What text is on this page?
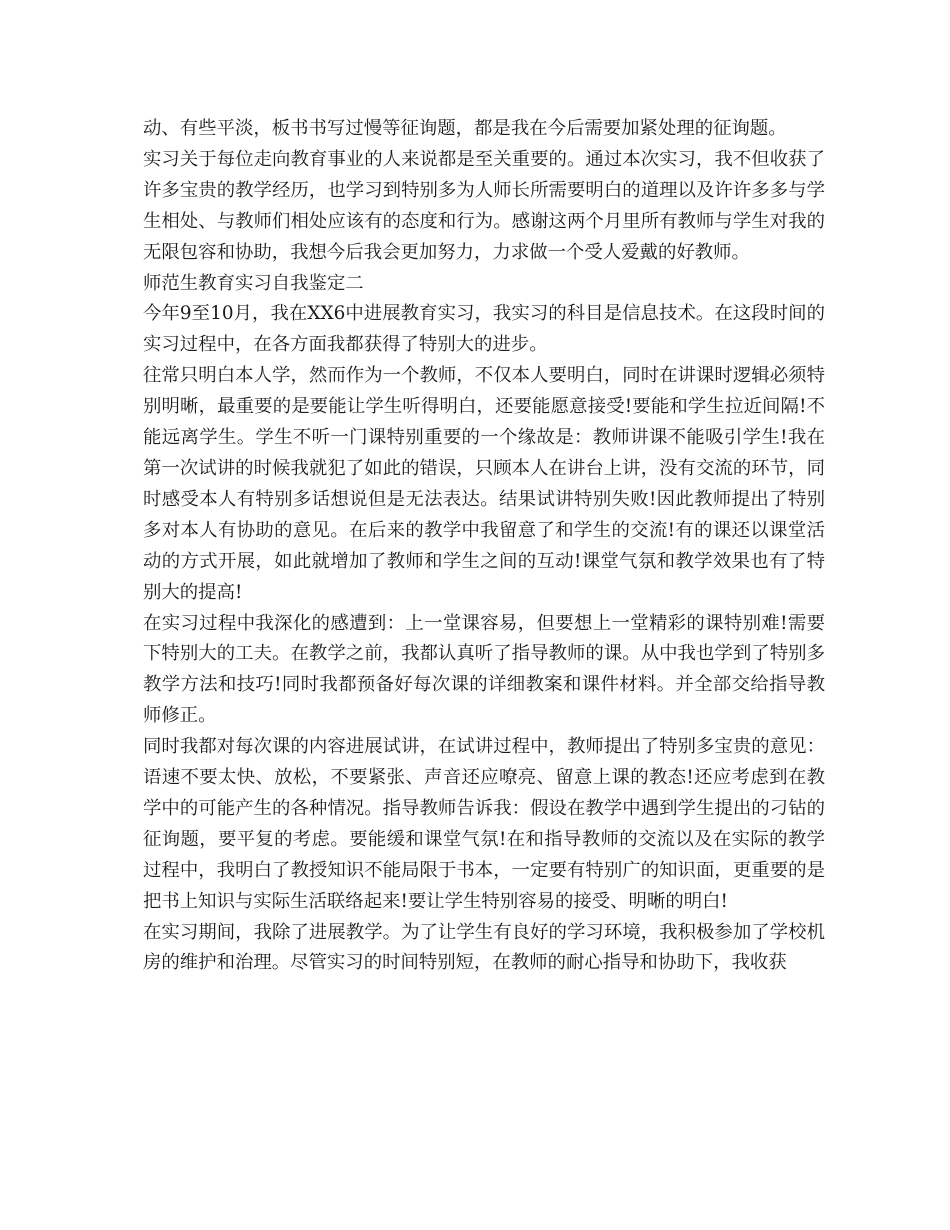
动、有些平淡，板书书写过慢等征询题，都是我在今后需要加紧处理的征询题。

实习关于每位走向教育事业的人来说都是至关重要的。通过本次实习，我不但收获了许多宝贵的教学经历，也学习到特别多为人师长所需要明白的道理以及许许多多与学生相处、与教师们相处应该有的态度和行为。感谢这两个月里所有教师与学生对我的无限包容和协助，我想今后我会更加努力，力求做一个受人爱戴的好教师。

师范生教育实习自我鉴定二

今年9至10月，我在XX6中进展教育实习，我实习的科目是信息技术。在这段时间的实习过程中，在各方面我都获得了特别大的进步。

往常只明白本人学，然而作为一个教师，不仅本人要明白，同时在讲课时逻辑必须特别明晰，最重要的是要能让学生听得明白，还要能愿意接受!要能和学生拉近间隔!不能远离学生。学生不听一门课特别重要的一个缘故是：教师讲课不能吸引学生!我在第一次试讲的时候我就犯了如此的错误，只顾本人在讲台上讲，没有交流的环节，同时感受本人有特别多话想说但是无法表达。结果试讲特别失败!因此教师提出了特别多对本人有协助的意见。在后来的教学中我留意了和学生的交流!有的课还以课堂活动的方式开展，如此就增加了教师和学生之间的互动!课堂气氛和教学效果也有了特别大的提高!

在实习过程中我深化的感遭到：上一堂课容易，但要想上一堂精彩的课特别难!需要下特别大的工夫。在教学之前，我都认真听了指导教师的课。从中我也学到了特别多教学方法和技巧!同时我都预备好每次课的详细教案和课件材料。并全部交给指导教师修正。

同时我都对每次课的内容进展试讲，在试讲过程中，教师提出了特别多宝贵的意见：语速不要太快、放松，不要紧张、声音还应嘹亮、留意上课的教态!还应考虑到在教学中的可能产生的各种情况。指导教师告诉我：假设在教学中遇到学生提出的刁钻的征询题，要平复的考虑。要能缓和课堂气氛!在和指导教师的交流以及在实际的教学过程中，我明白了教授知识不能局限于书本，一定要有特别广的知识面，更重要的是把书上知识与实际生活联络起来!要让学生特别容易的接受、明晰的明白!

在实习期间，我除了进展教学。为了让学生有良好的学习环境，我积极参加了学校机房的维护和治理。尽管实习的时间特别短，在教师的耐心指导和协助下，我收获
